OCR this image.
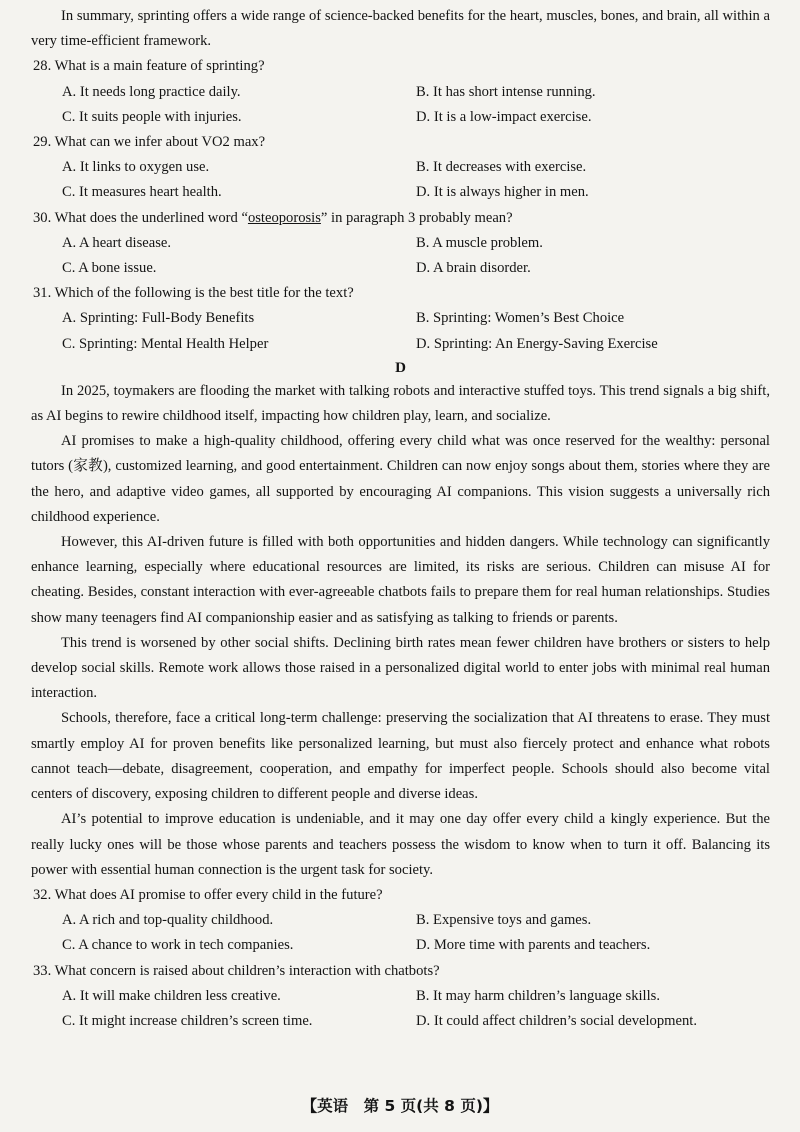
In summary, sprinting offers a wide range of science-backed benefits for the heart, muscles, bones, and brain, all within a very time-efficient framework.

28. What is a main feature of sprinting?

A. It needs long practice daily.	B. It has short intense running.
C. It suits people with injuries.	D. It is a low-impact exercise.

29. What can we infer about VO2 max?

A. It links to oxygen use.	B. It decreases with exercise.
C. It measures heart health.	D. It is always higher in men.

30. What does the underlined word “osteoporosis” in paragraph 3 probably mean?

A. A heart disease.	B. A muscle problem.
C. A bone issue.	D. A brain disorder.

31. Which of the following is the best title for the text?

A. Sprinting: Full-Body Benefits	B. Sprinting: Women’s Best Choice
C. Sprinting: Mental Health Helper	D. Sprinting: An Energy-Saving Exercise

D

In 2025, toymakers are flooding the market with talking robots and interactive stuffed toys. This trend signals a big shift, as AI begins to rewire childhood itself, impacting how children play, learn, and socialize.

AI promises to make a high-quality childhood, offering every child what was once reserved for the wealthy: personal tutors (家教), customized learning, and good entertainment. Children can now enjoy songs about them, stories where they are the hero, and adaptive video games, all supported by encouraging AI companions. This vision suggests a universally rich childhood experience.

However, this AI-driven future is filled with both opportunities and hidden dangers. While technology can significantly enhance learning, especially where educational resources are limited, its risks are serious. Children can misuse AI for cheating. Besides, constant interaction with ever-agreeable chatbots fails to prepare them for real human relationships. Studies show many teenagers find AI companionship easier and as satisfying as talking to friends or parents.

This trend is worsened by other social shifts. Declining birth rates mean fewer children have brothers or sisters to help develop social skills. Remote work allows those raised in a personalized digital world to enter jobs with minimal real human interaction.

Schools, therefore, face a critical long-term challenge: preserving the socialization that AI threatens to erase. They must smartly employ AI for proven benefits like personalized learning, but must also fiercely protect and enhance what robots cannot teach—debate, disagreement, cooperation, and empathy for imperfect people. Schools should also become vital centers of discovery, exposing children to different people and diverse ideas.

AI’s potential to improve education is undeniable, and it may one day offer every child a kingly experience. But the really lucky ones will be those whose parents and teachers possess the wisdom to know when to turn it off. Balancing its power with essential human connection is the urgent task for society.

32. What does AI promise to offer every child in the future?

A. A rich and top-quality childhood.	B. Expensive toys and games.
C. A chance to work in tech companies.	D. More time with parents and teachers.

33. What concern is raised about children’s interaction with chatbots?

A. It will make children less creative.	B. It may harm children’s language skills.
C. It might increase children’s screen time.	D. It could affect children’s social development.
【英语　第 5 页(共 8 页)】
